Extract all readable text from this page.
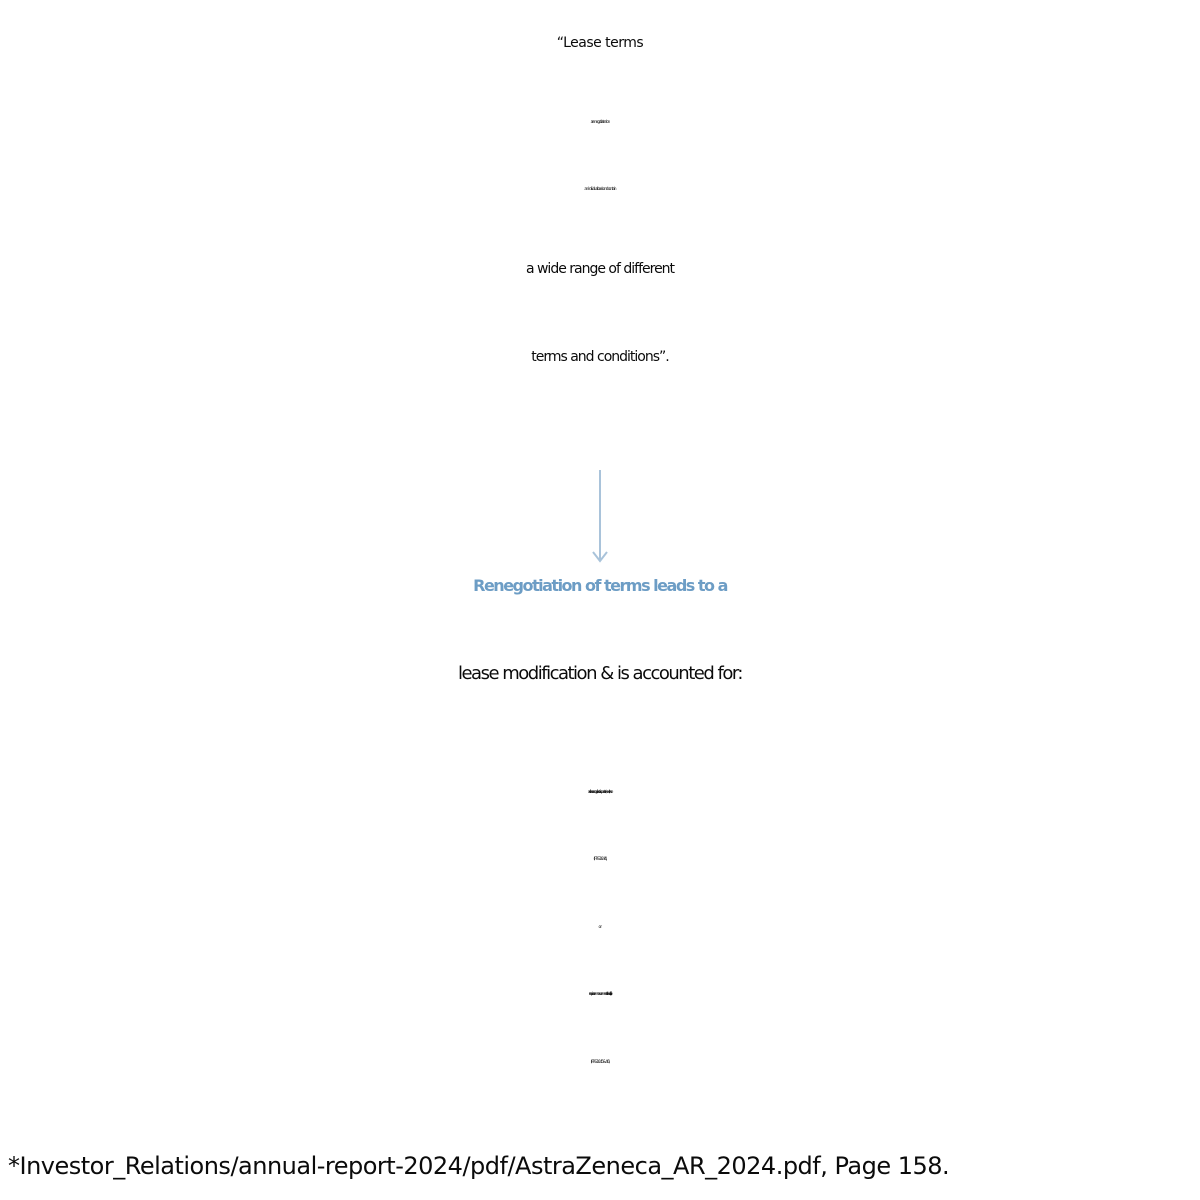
“Lease terms
are negotiated on
an individual basis and contain
a wide range of different
terms and conditions”.
Renegotiation of terms leads to a
lease modification & is accounted for:
- as either a recognition of a separate (new) lease
(IFRS 16.44),
or
- requires a remeasurement of a lease liability
(IFRS 16.45 & 46).
*Investor_Relations/annual-report-2024/pdf/AstraZeneca_AR_2024.pdf, Page 158.
